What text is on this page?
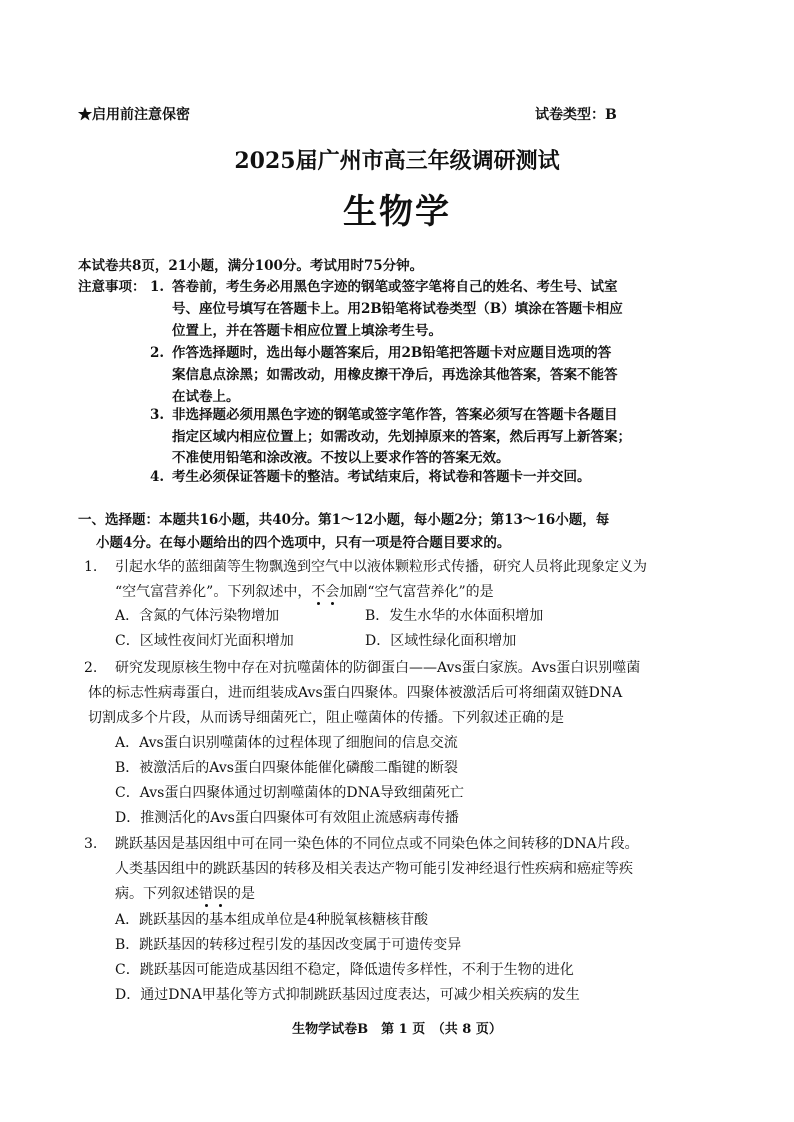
★启用前注意保密	试卷类型：B
2025届广州市高三年级调研测试
生物学
本试卷共8页，21小题，满分100分。考试用时75分钟。
注意事项： 1. 答卷前，考生务必用黑色字迹的钢笔或签字笔将自己的姓名、考生号、试室
号、座位号填写在答题卡上。用2B铅笔将试卷类型（B）填涂在答题卡相应
位置上，并在答题卡相应位置上填涂考生号。
2. 作答选择题时，选出每小题答案后，用2B铅笔把答题卡对应题目选项的答
案信息点涂黑；如需改动，用橡皮擦干净后，再选涂其他答案，答案不能答
在试卷上。
3. 非选择题必须用黑色字迹的钢笔或签字笔作答，答案必须写在答题卡各题目
指定区域内相应位置上；如需改动，先划掉原来的答案，然后再写上新答案；
不准使用铅笔和涂改液。不按以上要求作答的答案无效。
4. 考生必须保证答题卡的整洁。考试结束后，将试卷和答题卡一并交回。
一、选择题：本题共16小题，共40分。第1～12小题，每小题2分；第13～16小题，每
小题4分。在每小题给出的四个选项中，只有一项是符合题目要求的。
1. 引起水华的蓝细菌等生物飘逸到空气中以液体颗粒形式传播，研究人员将此现象定义为
“空气富营养化”。下列叙述中，不会加剧“空气富营养化”的是
A．含氮的气体污染物增加	B．发生水华的水体面积增加
C．区域性夜间灯光面积增加	D．区域性绿化面积增加
2. 研究发现原核生物中存在对抗噬菌体的防御蛋白——Avs蛋白家族。Avs蛋白识别噬菌
体的标志性病毒蛋白，进而组装成Avs蛋白四聚体。四聚体被激活后可将细菌双链DNA
切割成多个片段，从而诱导细菌死亡，阻止噬菌体的传播。下列叙述正确的是
A．Avs蛋白识别噬菌体的过程体现了细胞间的信息交流
B．被激活后的Avs蛋白四聚体能催化磷酸二酯键的断裂
C．Avs蛋白四聚体通过切割噬菌体的DNA导致细菌死亡
D．推测活化的Avs蛋白四聚体可有效阻止流感病毒传播
3. 跳跃基因是基因组中可在同一染色体的不同位点或不同染色体之间转移的DNA片段。
人类基因组中的跳跃基因的转移及相关表达产物可能引发神经退行性疾病和癌症等疾
病。下列叙述错误的是
A．跳跃基因的基本组成单位是4种脱氧核糖核苷酸
B．跳跃基因的转移过程引发的基因改变属于可遗传变异
C．跳跃基因可能造成基因组不稳定，降低遗传多样性，不利于生物的进化
D．通过DNA甲基化等方式抑制跳跃基因过度表达，可减少相关疾病的发生
生物学试卷B　第 1 页　（共 8 页）
